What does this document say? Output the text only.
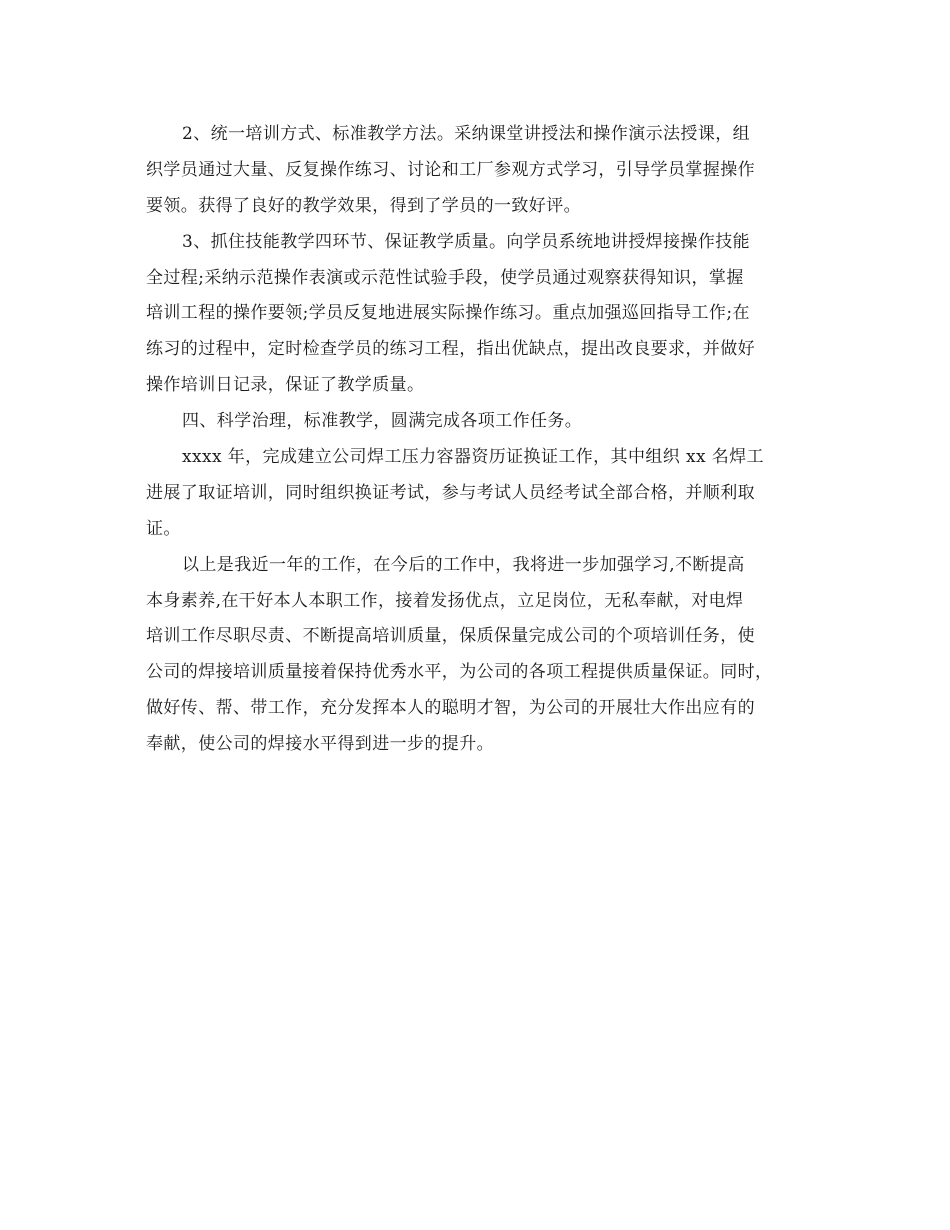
2、统一培训方式、标准教学方法。采纳课堂讲授法和操作演示法授课，组
织学员通过大量、反复操作练习、讨论和工厂参观方式学习，引导学员掌握操作
要领。获得了良好的教学效果，得到了学员的一致好评。
3、抓住技能教学四环节、保证教学质量。向学员系统地讲授焊接操作技能
全过程;采纳示范操作表演或示范性试验手段，使学员通过观察获得知识，掌握
培训工程的操作要领;学员反复地进展实际操作练习。重点加强巡回指导工作;在
练习的过程中，定时检查学员的练习工程，指出优缺点，提出改良要求，并做好
操作培训日记录，保证了教学质量。
四、科学治理，标准教学，圆满完成各项工作任务。
xxxx 年，完成建立公司焊工压力容器资历证换证工作，其中组织 xx 名焊工
进展了取证培训，同时组织换证考试，参与考试人员经考试全部合格，并顺利取
证。
以上是我近一年的工作，在今后的工作中，我将进一步加强学习,不断提高
本身素养,在干好本人本职工作，接着发扬优点，立足岗位，无私奉献，对电焊
培训工作尽职尽责、不断提高培训质量，保质保量完成公司的个项培训任务，使
公司的焊接培训质量接着保持优秀水平，为公司的各项工程提供质量保证。同时，
做好传、帮、带工作，充分发挥本人的聪明才智，为公司的开展壮大作出应有的
奉献，使公司的焊接水平得到进一步的提升。
